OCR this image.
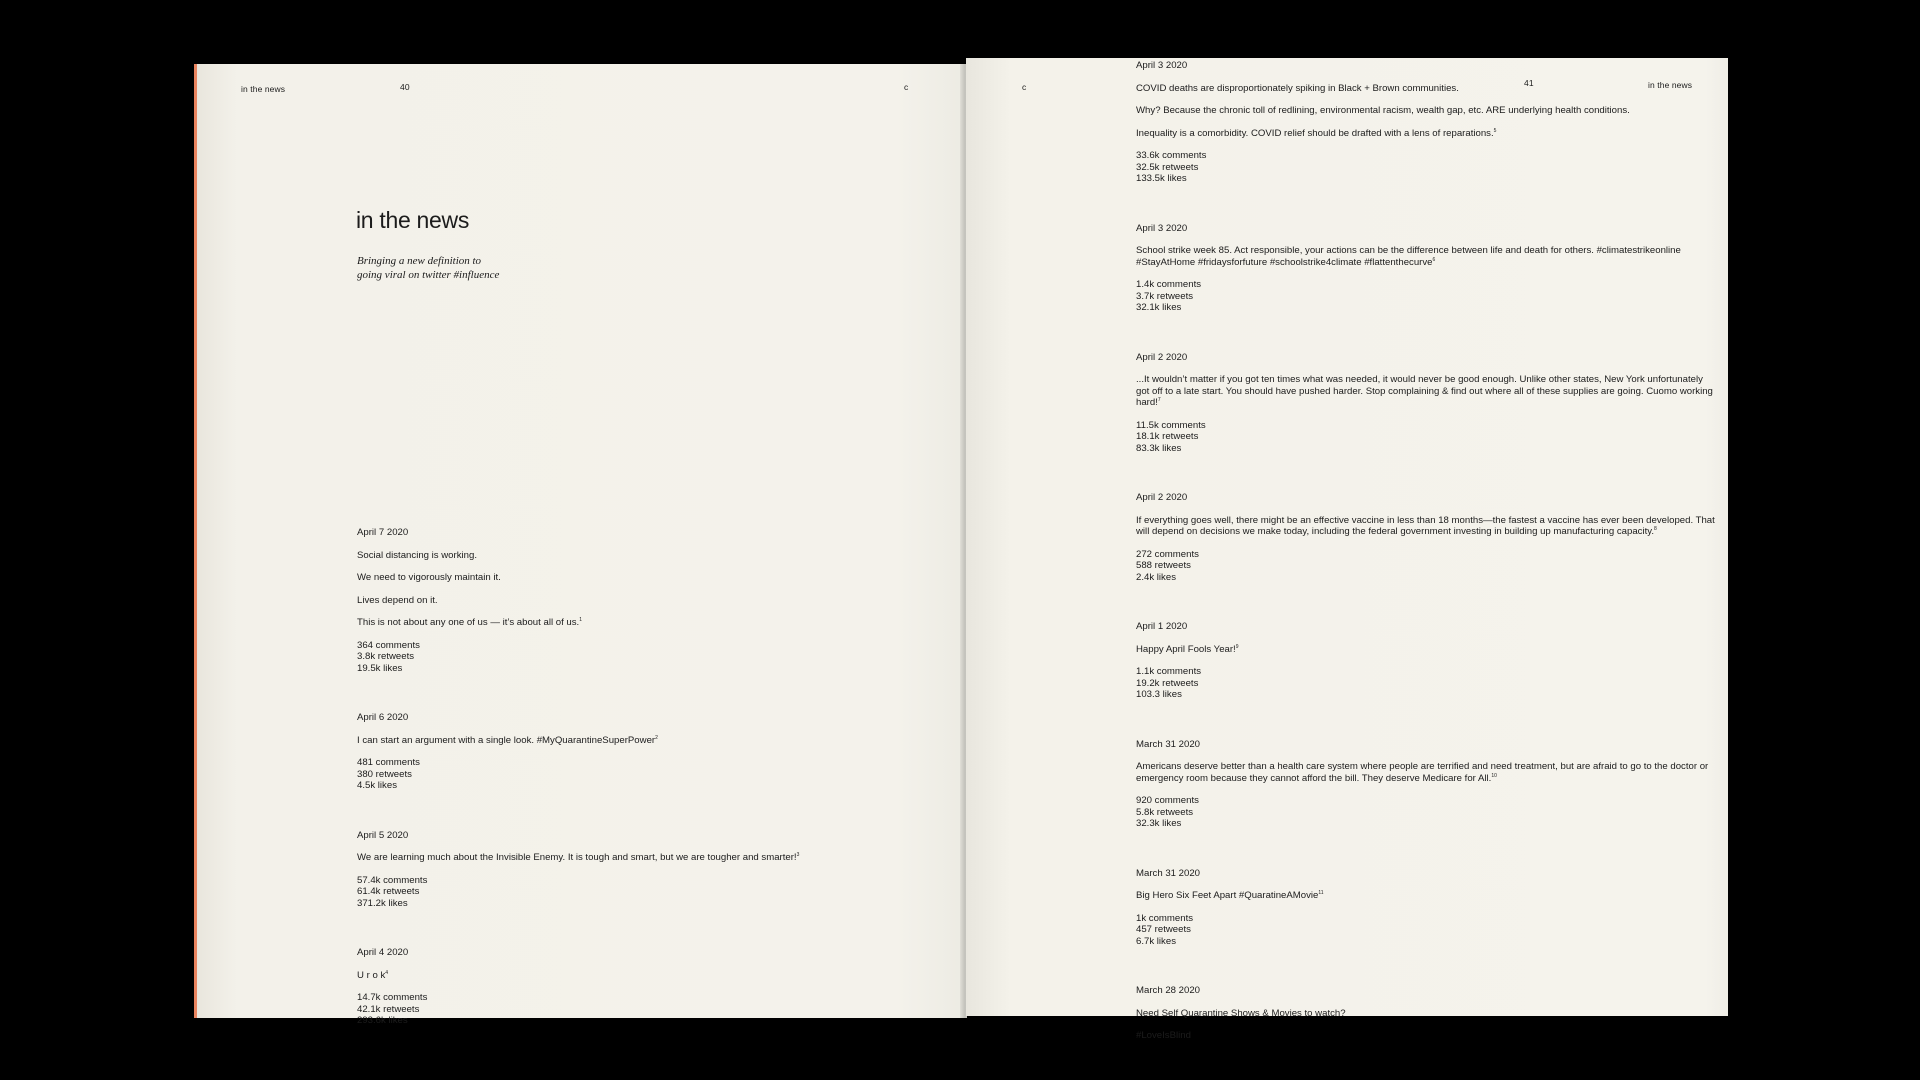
in the news	40	c
in the news
Bringing a new definition to
going viral on twitter #influence
April 7 2020

Social distancing is working.

We need to vigorously maintain it.

Lives depend on it.

This is not about any one of us — it’s about all of us.$^1$

364 comments
3.8k retweets
19.5k likes
April 6 2020

I can start an argument with a single look. #MyQuarantineSuperPower$^2$

481 comments
380 retweets
4.5k likes
April 5 2020

We are learning much about the Invisible Enemy. It is tough and smart, but we are tougher and smarter!$^3$

57.4k comments
61.4k retweets
371.2k likes
April 4 2020

U r o $k^4$

14.7k comments
42.1k retweets
293.6k likes
c	41	in the news
April 3 2020

COVID deaths are disproportionately spiking in Black + Brown communities.

Why? Because the chronic toll of redlining, environmental racism, wealth gap, etc. ARE underlying health conditions.

Inequality is a comorbidity. COVID relief should be drafted with a lens of reparations.$^5$

33.6k comments
32.5k retweets
133.5k likes
April 3 2020

School strike week 85. Act responsible, your actions can be the difference between life and death for others. #climatestrikeonline #StayAtHome #fridaysforfuture #schoolstrike4climate #flattenthecurve$^6$

1.4k comments
3.7k retweets
32.1k likes
April 2 2020

...It wouldn’t matter if you got ten times what was needed, it would never be good enough. Unlike other states, New York unfortunately got off to a late start. You should have pushed harder. Stop complaining & find out where all of these supplies are going. Cuomo working hard!$^7$

11.5k comments
18.1k retweets
83.3k likes
April 2 2020

If everything goes well, there might be an effective vaccine in less than 18 months—the fastest a vaccine has ever been developed. That will depend on decisions we make today, including the federal government investing in building up manufacturing capacity.$^8$

272 comments
588 retweets
2.4k likes
April 1 2020

Happy April Fools Year!$^9$

1.1k comments
19.2k retweets
103.3 likes
March 31 2020

Americans deserve better than a health care system where people are terrified and need treatment, but are afraid to go to the doctor or emergency room because they cannot afford the bill. They deserve Medicare for All.$^{10}$

920 comments
5.8k retweets
32.3k likes
March 31 2020

Big Hero Six Feet Apart #QuaratineAMovie$^{11}$

1k comments
457 retweets
6.7k likes
March 28 2020

Need Self Quarantine Shows & Movies to watch?

#LoveIsBlind
